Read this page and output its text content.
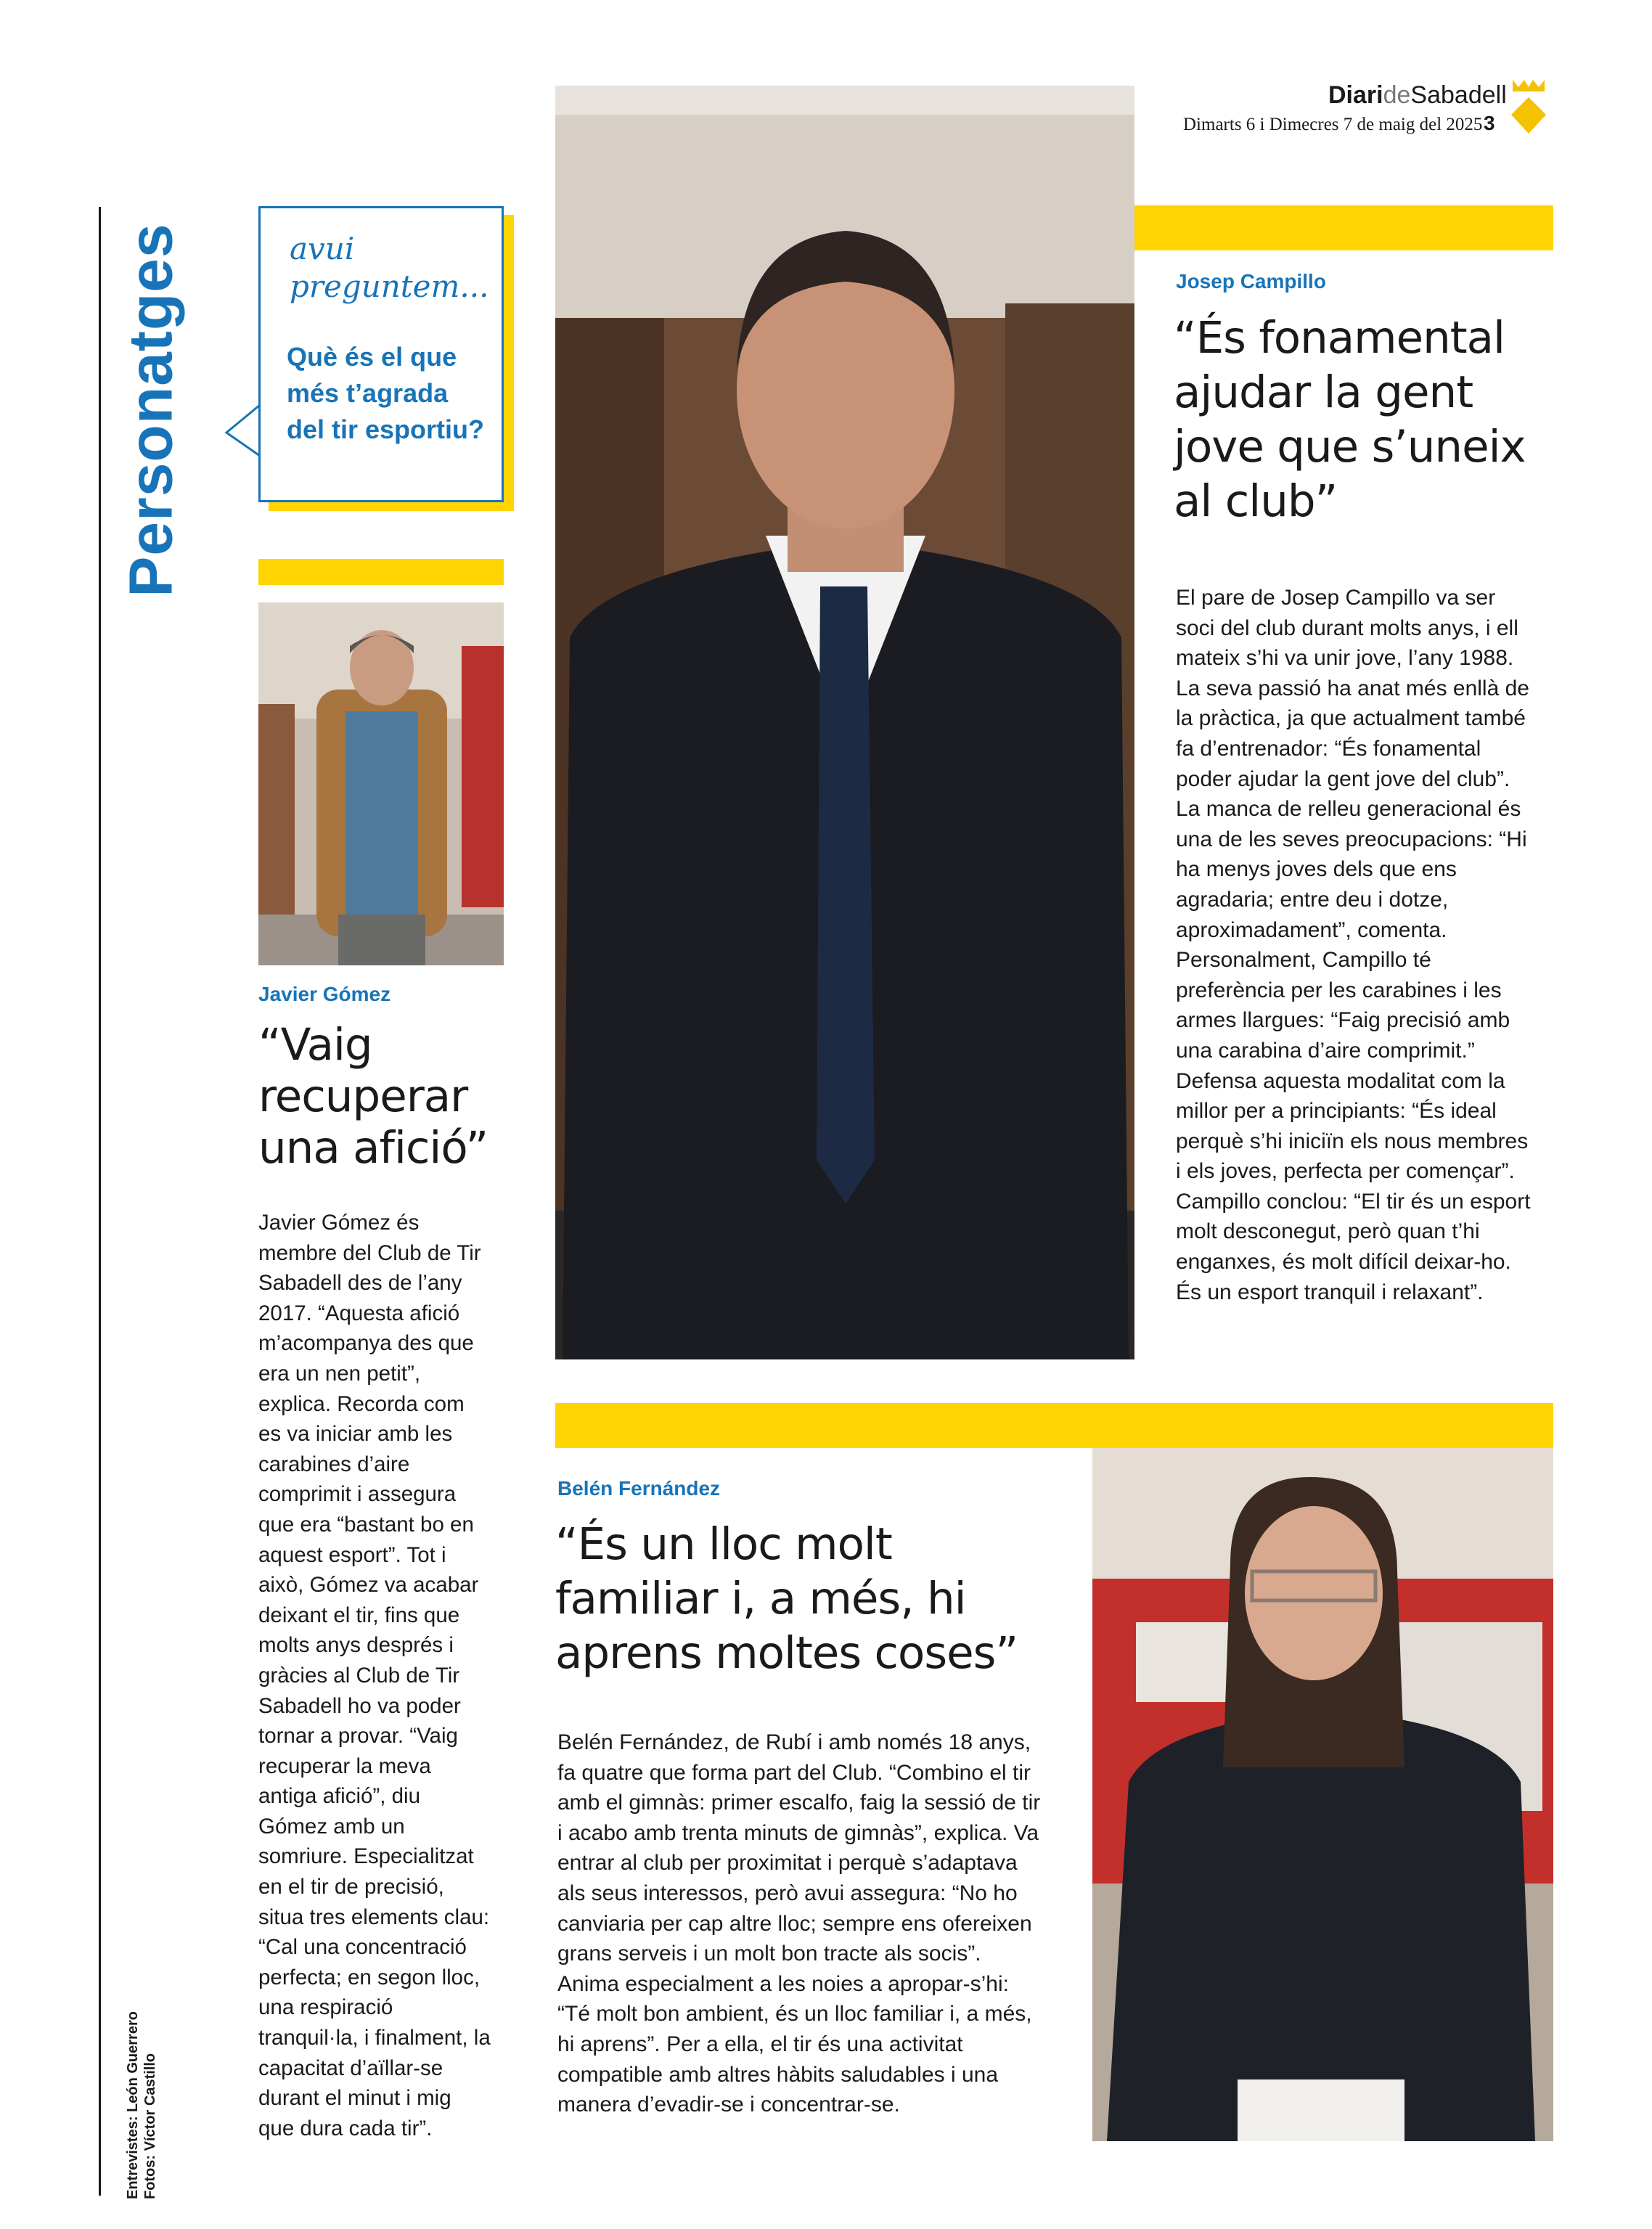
DiarideSabadell
Dimarts 6 i Dimecres 7 de maig del 2025 3
Personatges
Entrevistes: León Guerrero Fotos: Víctor Castillo
avui preguntem...
Què és el que més t’agrada del tir esportiu?
Javier Gómez
“Vaig recuperar una afició”
Javier Gómez és membre del Club de Tir Sabadell des de l’any 2017. “Aquesta afició m’acompanya des que era un nen petit”, explica. Recorda com es va iniciar amb les carabines d’aire comprimit i assegura que era “bastant bo en aquest esport”. Tot i això, Gómez va acabar deixant el tir, fins que molts anys després i gràcies al Club de Tir Sabadell ho va poder tornar a provar. “Vaig recuperar la meva antiga afició”, diu Gómez amb un somriure. Especialitzat en el tir de precisió, situa tres elements clau: “Cal una concentració perfecta; en segon lloc, una respiració tranquil·la, i finalment, la capacitat d’aïllar-se durant el minut i mig que dura cada tir”.
Josep Campillo
“És fonamental ajudar la gent jove que s’uneix al club”
El pare de Josep Campillo va ser soci del club durant molts anys, i ell mateix s’hi va unir jove, l’any 1988. La seva passió ha anat més enllà de la pràctica, ja que actualment també fa d’entrenador: “És fonamental poder ajudar la gent jove del club”. La manca de relleu generacional és una de les seves preocupacions: “Hi ha menys joves dels que ens agradaria; entre deu i dotze, aproximadament”, comenta. Personalment, Campillo té preferència per les carabines i les armes llargues: “Faig precisió amb una carabina d’aire comprimit.” Defensa aquesta modalitat com la millor per a principiants: “És ideal perquè s’hi iniciïn els nous membres i els joves, perfecta per començar”. Campillo conclou: “El tir és un esport molt desconegut, però quan t’hi enganxes, és molt difícil deixar-ho. És un esport tranquil i relaxant”.
Belén Fernández
“És un lloc molt familiar i, a més, hi aprens moltes coses”
Belén Fernández, de Rubí i amb només 18 anys, fa quatre que forma part del Club. “Combino el tir amb el gimnàs: primer escalfo, faig la sessió de tir i acabo amb trenta minuts de gimnàs”, explica. Va entrar al club per proximitat i perquè s’adaptava als seus interessos, però avui assegura: “No ho canviaria per cap altre lloc; sempre ens ofereixen grans serveis i un molt bon tracte als socis”. Anima especialment a les noies a apropar-s’hi: “Té molt bon ambient, és un lloc familiar i, a més, hi aprens”. Per a ella, el tir és una activitat compatible amb altres hàbits saludables i una manera d’evadir-se i concentrar-se.
